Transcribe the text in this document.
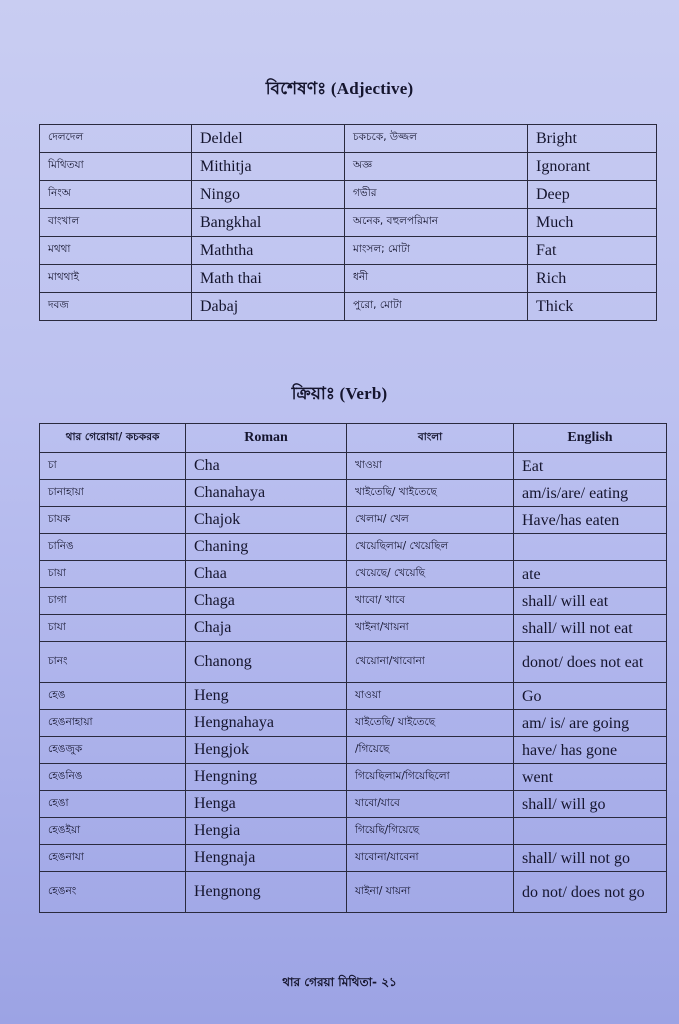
বিশেষণঃ (Adjective)
দেলদেল	Deldel	চকচকে, উজ্জল	Bright
মিথিতযা	Mithitja	অজ্ঞ	Ignorant
নিংঅ	Ningo	গভীর	Deep
বাংখাল	Bangkhal	অনেক, বহুলপরিমান	Much
মথথা	Maththa	মাংসল; মোটা	Fat
মাথথাই	Math thai	ধনী	Rich
দবজ	Dabaj	পুরো, মোটা	Thick
ক্রিয়াঃ (Verb)
থার গেরোয়া/ কচকরক	Roman	বাংলা	English
চা	Cha	খাওয়া	Eat
চানাহায়া	Chanahaya	খাইতেছি/ খাইতেছে	am/is/are/ eating
চাযক	Chajok	খেলাম/ খেল	Have/has eaten
চানিঙ	Chaning	খেয়েছিলাম/ খেয়েছিল	
চায়া	Chaa	খেয়েছে/ খেয়েছি	ate
চাগা	Chaga	খাবো/ খাবে	shall/ will eat
চাযা	Chaja	খাইনা/খায়না	shall/ will not eat
চানং	Chanong	খেয়োনা/খাবোনা	donot/ does not eat
হেঙ	Heng	যাওয়া	Go
হেঙনাহায়া	Hengnahaya	যাইতেছি/ যাইতেছে	am/ is/ are going
হেঙজুক	Hengjok	/গিয়েছে	have/ has gone
হেঙনিঙ	Hengning	গিয়েছিলাম/গিয়েছিলো	went
হেঙা	Henga	যাবো/যাবে	shall/ will go
হেঙইয়া	Hengia	গিয়েছি/গিয়েছে	
হেঙনাযা	Hengnaja	যাবোনা/যাবেনা	shall/ will not go
হেঙনং	Hengnong	যাইনা/ যায়না	do not/ does not go
থার গেরয়া মিথিতা- ২১
